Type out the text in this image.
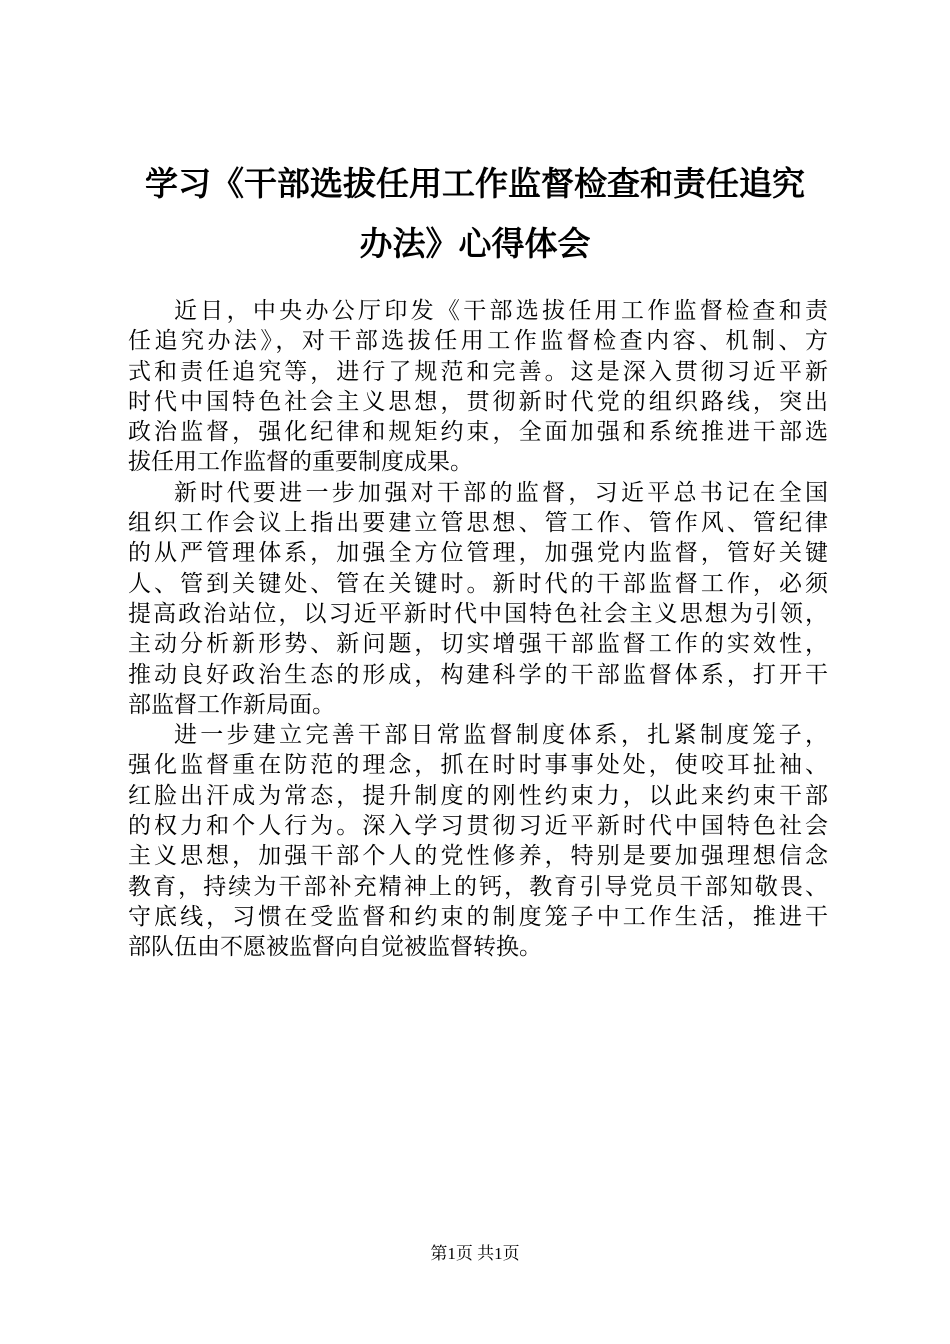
学习《干部选拔任用工作监督检查和责任追究
办法》心得体会
近日，中央办公厅印发《干部选拔任用工作监督检查和责
任追究办法》，对干部选拔任用工作监督检查内容、机制、方
式和责任追究等，进行了规范和完善。这是深入贯彻习近平新
时代中国特色社会主义思想，贯彻新时代党的组织路线，突出
政治监督，强化纪律和规矩约束，全面加强和系统推进干部选
拔任用工作监督的重要制度成果。
新时代要进一步加强对干部的监督，习近平总书记在全国
组织工作会议上指出要建立管思想、管工作、管作风、管纪律
的从严管理体系，加强全方位管理，加强党内监督，管好关键
人、管到关键处、管在关键时。新时代的干部监督工作，必须
提高政治站位，以习近平新时代中国特色社会主义思想为引领，
主动分析新形势、新问题，切实增强干部监督工作的实效性，
推动良好政治生态的形成，构建科学的干部监督体系，打开干
部监督工作新局面。
进一步建立完善干部日常监督制度体系，扎紧制度笼子，
强化监督重在防范的理念，抓在时时事事处处，使咬耳扯袖、
红脸出汗成为常态，提升制度的刚性约束力，以此来约束干部
的权力和个人行为。深入学习贯彻习近平新时代中国特色社会
主义思想，加强干部个人的党性修养，特别是要加强理想信念
教育，持续为干部补充精神上的钙，教育引导党员干部知敬畏、
守底线，习惯在受监督和约束的制度笼子中工作生活，推进干
部队伍由不愿被监督向自觉被监督转换。
第1页 共1页
